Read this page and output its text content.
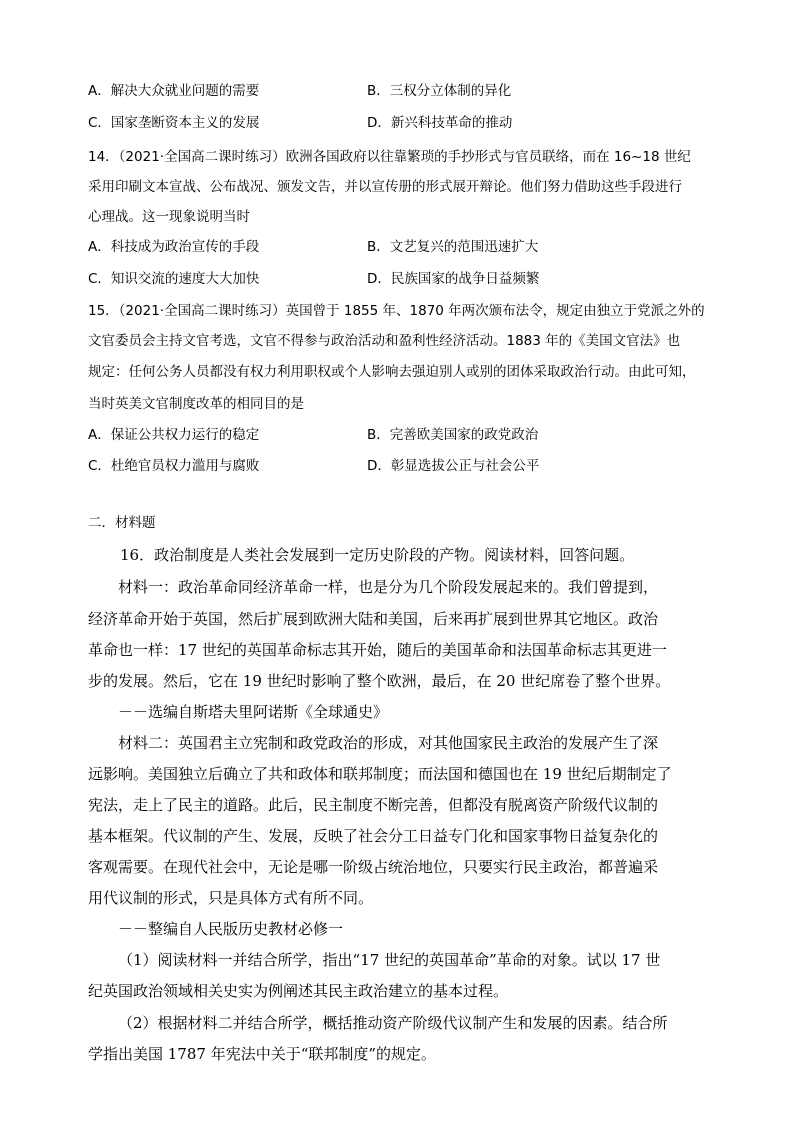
A．解决大众就业问题的需要	B．三权分立体制的异化
C．国家垄断资本主义的发展	D．新兴科技革命的推动
14．（2021·全国高二课时练习）欧洲各国政府以往靠繁琐的手抄形式与官员联络，而在 16~18 世纪
采用印刷文本宣战、公布战况、颁发文告，并以宣传册的形式展开辩论。他们努力借助这些手段进行
心理战。这一现象说明当时
A．科技成为政治宣传的手段	B．文艺复兴的范围迅速扩大
C．知识交流的速度大大加快	D．民族国家的战争日益频繁
15．（2021·全国高二课时练习）英国曾于 1855 年、1870 年两次颁布法令，规定由独立于党派之外的
文官委员会主持文官考选，文官不得参与政治活动和盈利性经济活动。1883 年的《美国文官法》也
规定：任何公务人员都没有权力利用职权或个人影响去强迫别人或别的团体采取政治行动。由此可知，
当时英美文官制度改革的相同目的是
A．保证公共权力运行的稳定	B．完善欧美国家的政党政治
C．杜绝官员权力滥用与腐败	D．彰显选拔公正与社会公平
二．材料题
16．政治制度是人类社会发展到一定历史阶段的产物。阅读材料，回答问题。
材料一：政治革命同经济革命一样，也是分为几个阶段发展起来的。我们曾提到，
经济革命开始于英国，然后扩展到欧洲大陆和美国，后来再扩展到世界其它地区。政治
革命也一样：17 世纪的英国革命标志其开始，随后的美国革命和法国革命标志其更进一
步的发展。然后，它在 19 世纪时影响了整个欧洲，最后，在 20 世纪席卷了整个世界。
－－选编自斯塔夫里阿诺斯《全球通史》
材料二：英国君主立宪制和政党政治的形成，对其他国家民主政治的发展产生了深
远影响。美国独立后确立了共和政体和联邦制度；而法国和德国也在 19 世纪后期制定了
宪法，走上了民主的道路。此后，民主制度不断完善，但都没有脱离资产阶级代议制的
基本框架。代议制的产生、发展，反映了社会分工日益专门化和国家事物日益复杂化的
客观需要。在现代社会中，无论是哪一阶级占统治地位，只要实行民主政治，都普遍采
用代议制的形式，只是具体方式有所不同。
－－整编自人民版历史教材必修一
（1）阅读材料一并结合所学，指出“17 世纪的英国革命”革命的对象。试以 17 世
纪英国政治领域相关史实为例阐述其民主政治建立的基本过程。
（2）根据材料二并结合所学，概括推动资产阶级代议制产生和发展的因素。结合所
学指出美国 1787 年宪法中关于“联邦制度”的规定。
